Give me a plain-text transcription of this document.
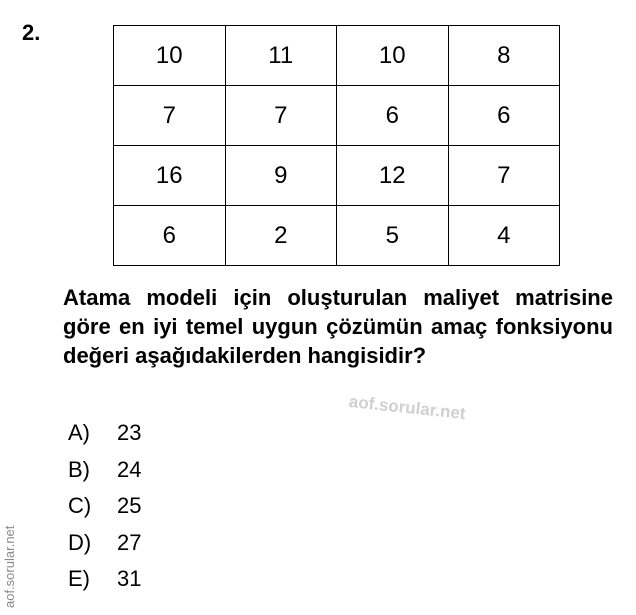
2.
10	11	10	8
7	7	6	6
16	9	12	7
6	2	5	4
Atama modeli için oluşturulan maliyet matrisine göre en iyi temel uygun çözümün amaç fonksiyonu değeri aşağıdakilerden hangisidir?
aof.sorular.net
A)	23
B)	24
C)	25
D)	27
E)	31
aof.sorular.net
